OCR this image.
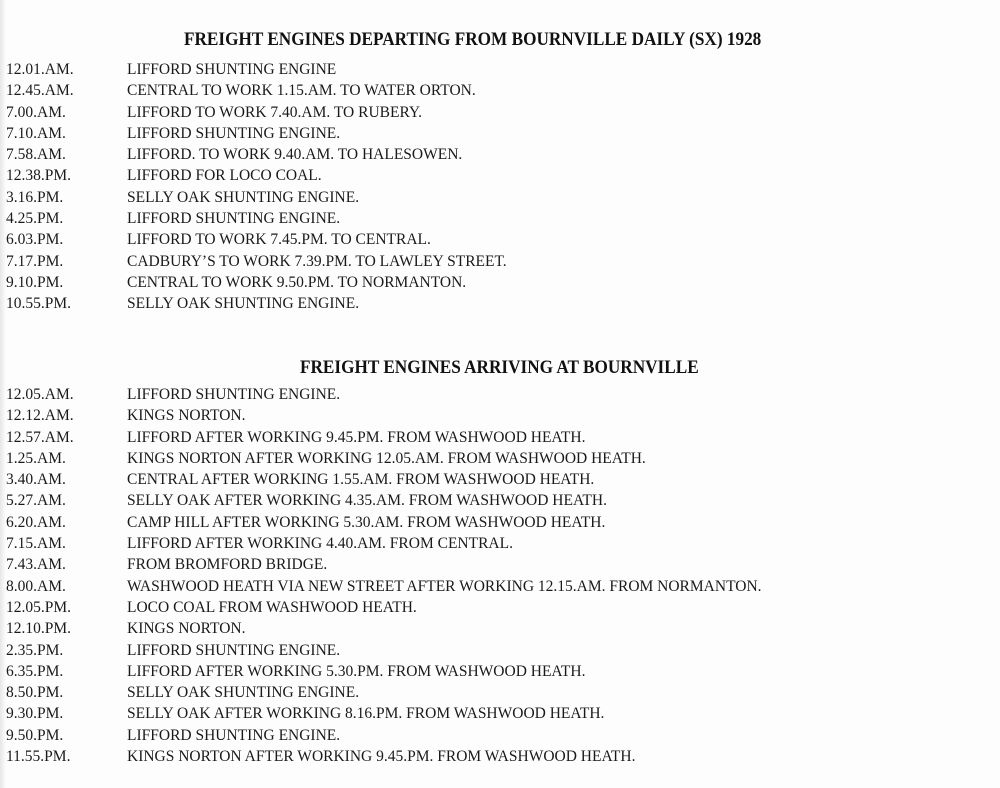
FREIGHT ENGINES DEPARTING FROM BOURNVILLE DAILY (SX) 1928
12.01.AM.	LIFFORD SHUNTING ENGINE
12.45.AM.	CENTRAL TO WORK 1.15.AM. TO WATER ORTON.
7.00.AM.	LIFFORD TO WORK 7.40.AM. TO RUBERY.
7.10.AM.	LIFFORD SHUNTING ENGINE.
7.58.AM.	LIFFORD. TO WORK 9.40.AM. TO HALESOWEN.
12.38.PM.	LIFFORD FOR LOCO COAL.
3.16.PM.	SELLY OAK SHUNTING ENGINE.
4.25.PM.	LIFFORD SHUNTING ENGINE.
6.03.PM.	LIFFORD TO WORK 7.45.PM. TO CENTRAL.
7.17.PM.	CADBURY’S TO WORK 7.39.PM. TO LAWLEY STREET.
9.10.PM.	CENTRAL TO WORK 9.50.PM. TO NORMANTON.
10.55.PM.	SELLY OAK SHUNTING ENGINE.
FREIGHT ENGINES ARRIVING AT BOURNVILLE
12.05.AM.	LIFFORD SHUNTING ENGINE.
12.12.AM.	KINGS NORTON.
12.57.AM.	LIFFORD AFTER WORKING 9.45.PM. FROM WASHWOOD HEATH.
1.25.AM.	KINGS NORTON AFTER WORKING 12.05.AM. FROM WASHWOOD HEATH.
3.40.AM.	CENTRAL AFTER WORKING 1.55.AM. FROM WASHWOOD HEATH.
5.27.AM.	SELLY OAK AFTER WORKING 4.35.AM. FROM WASHWOOD HEATH.
6.20.AM.	CAMP HILL AFTER WORKING 5.30.AM. FROM WASHWOOD HEATH.
7.15.AM.	LIFFORD AFTER WORKING 4.40.AM. FROM CENTRAL.
7.43.AM.	FROM BROMFORD BRIDGE.
8.00.AM.	WASHWOOD HEATH VIA NEW STREET AFTER WORKING 12.15.AM. FROM NORMANTON.
12.05.PM.	LOCO COAL FROM WASHWOOD HEATH.
12.10.PM.	KINGS NORTON.
2.35.PM.	LIFFORD SHUNTING ENGINE.
6.35.PM.	LIFFORD AFTER WORKING 5.30.PM. FROM WASHWOOD HEATH.
8.50.PM.	SELLY OAK SHUNTING ENGINE.
9.30.PM.	SELLY OAK AFTER WORKING 8.16.PM. FROM WASHWOOD HEATH.
9.50.PM.	LIFFORD SHUNTING ENGINE.
11.55.PM.	KINGS NORTON AFTER WORKING 9.45.PM. FROM WASHWOOD HEATH.
